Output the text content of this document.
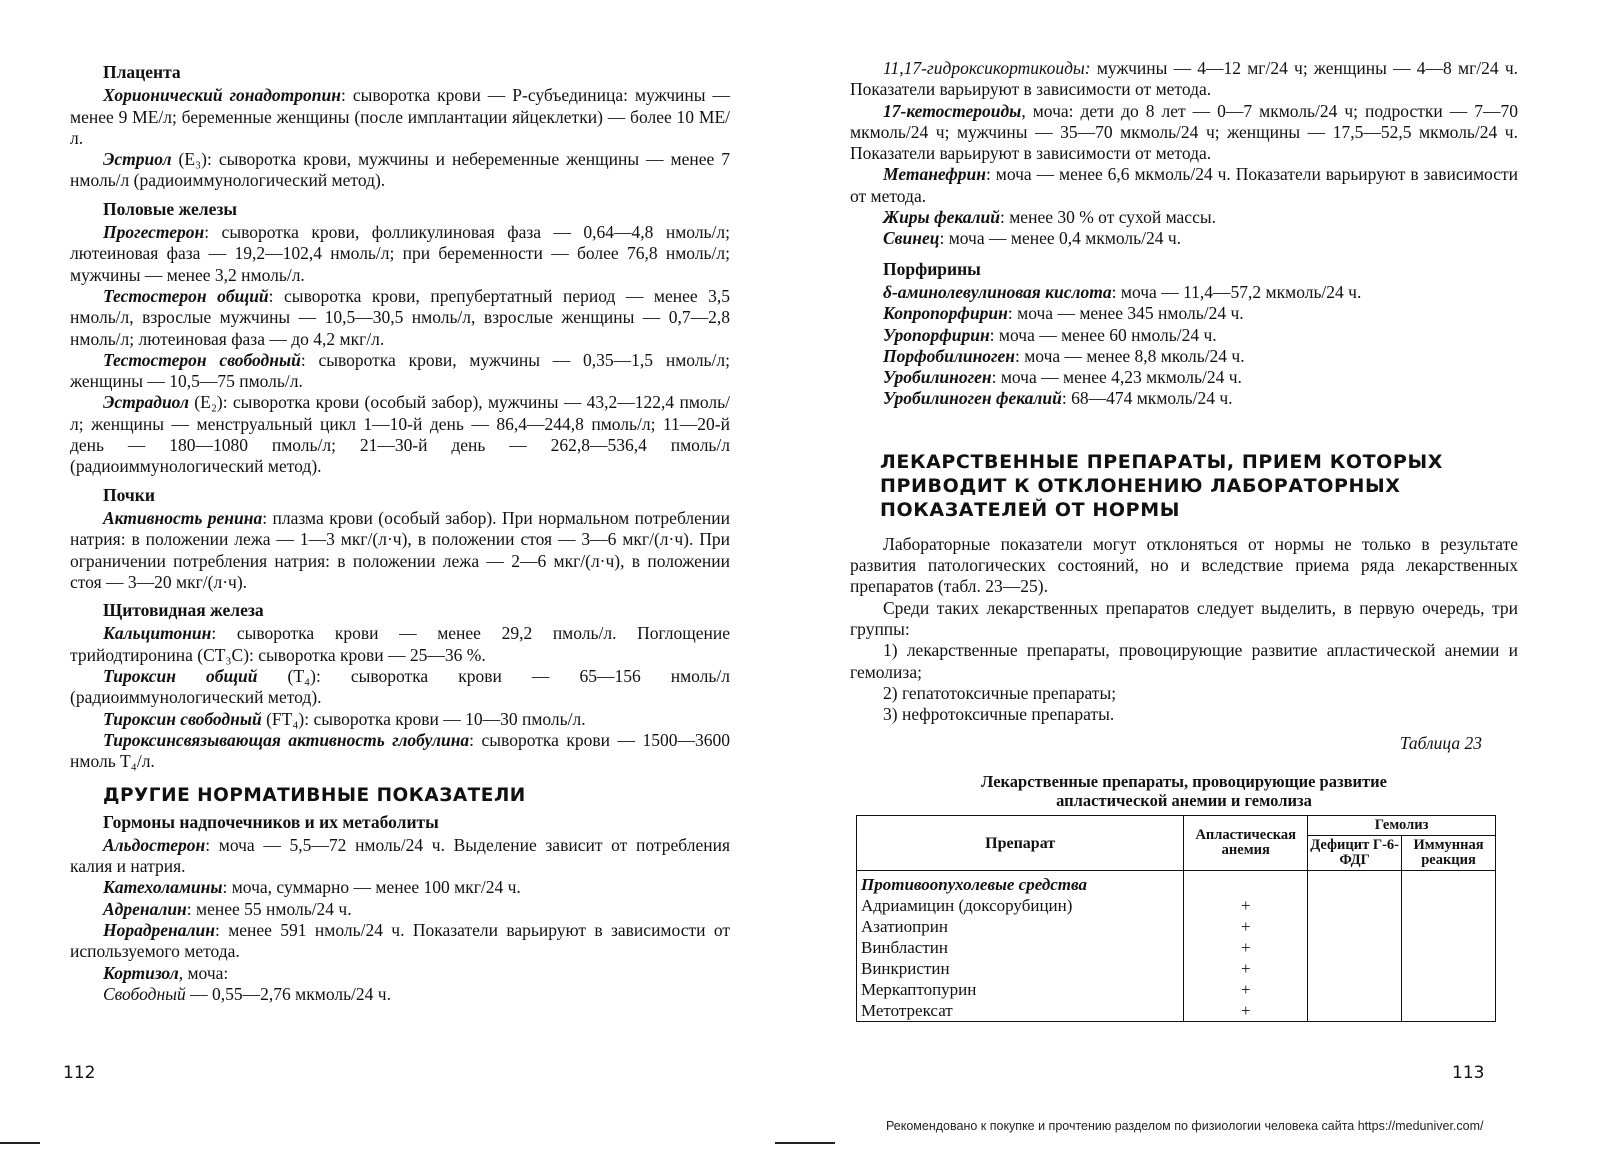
Плацента

Хорионический гонадотропин: сыворотка крови — Р-субъединица: мужчины — менее 9 МЕ/л; беременные женщины (после имплантации яйцеклетки) — более 10 МЕ/л.

Эстриол (Е₃): сыворотка крови, мужчины и небеременные женщины — менее 7 нмоль/л (радиоиммунологический метод).

Половые железы

Прогестерон: сыворотка крови, фолликулиновая фаза — 0,64—4,8 нмоль/л; лютеиновая фаза — 19,2—102,4 нмоль/л; при беременности — более 76,8 нмоль/л; мужчины — менее 3,2 нмоль/л.

Тестостерон общий: сыворотка крови, препубертатный период — менее 3,5 нмоль/л, взрослые мужчины — 10,5—30,5 нмоль/л, взрослые женщины — 0,7—2,8 нмоль/л; лютеиновая фаза — до 4,2 мкг/л.

Тестостерон свободный: сыворотка крови, мужчины — 0,35—1,5 нмоль/л; женщины — 10,5—75 пмоль/л.

Эстрадиол (Е₂): сыворотка крови (особый забор), мужчины — 43,2—122,4 пмоль/л; женщины — менструальный цикл 1—10-й день — 86,4—244,8 пмоль/л; 11—20-й день — 180—1080 пмоль/л; 21—30-й день — 262,8—536,4 пмоль/л (радиоиммунологический метод).

Почки

Активность ренина: плазма крови (особый забор). При нормальном потреблении натрия: в положении лежа — 1—3 мкг/(л·ч), в положении стоя — 3—6 мкг/(л·ч). При ограничении потребления натрия: в положении лежа — 2—6 мкг/(л·ч), в положении стоя — 3—20 мкг/(л·ч).

Щитовидная железа

Кальцитонин: сыворотка крови — менее 29,2 пмоль/л. Поглощение трийодтиронина (СТ₃С): сыворотка крови — 25—36 %.

Тироксин общий (Т₄): сыворотка крови — 65—156 нмоль/л (радиоиммунологический метод).

Тироксин свободный (FT₄): сыворотка крови — 10—30 пмоль/л.

Тироксинсвязывающая активность глобулина: сыворотка крови — 1500—3600 нмоль Т₄/л.

ДРУГИЕ НОРМАТИВНЫЕ ПОКАЗАТЕЛИ
Гормоны надпочечников и их метаболиты

Альдостерон: моча — 5,5—72 нмоль/24 ч. Выделение зависит от потребления калия и натрия.

Катехоламины: моча, суммарно — менее 100 мкг/24 ч.

Адреналин: менее 55 нмоль/24 ч.

Норадреналин: менее 591 нмоль/24 ч. Показатели варьируют в зависимости от используемого метода.

Кортизол, моча:

Свободный — 0,55—2,76 мкмоль/24 ч.

112

11,17-гидроксикортикоиды: мужчины — 4—12 мг/24 ч; женщины — 4—8 мг/24 ч. Показатели варьируют в зависимости от метода.

17-кетостероиды, моча: дети до 8 лет — 0—7 мкмоль/24 ч; подростки — 7—70 мкмоль/24 ч; мужчины — 35—70 мкмоль/24 ч; женщины — 17,5—52,5 мкмоль/24 ч. Показатели варьируют в зависимости от метода.

Метанефрин: моча — менее 6,6 мкмоль/24 ч. Показатели варьируют в зависимости от метода.

Жиры фекалий: менее 30 % от сухой массы.

Свинец: моча — менее 0,4 мкмоль/24 ч.

Порфирины

δ-аминолевулиновая кислота: моча — 11,4—57,2 мкмоль/24 ч.

Копропорфирин: моча — менее 345 нмоль/24 ч.

Уропорфирин: моча — менее 60 нмоль/24 ч.

Порфобилиноген: моча — менее 8,8 мколь/24 ч.

Уробилиноген: моча — менее 4,23 мкмоль/24 ч.

Уробилиноген фекалий: 68—474 мкмоль/24 ч.

ЛЕКАРСТВЕННЫЕ ПРЕПАРАТЫ, ПРИЕМ КОТОРЫХ
ПРИВОДИТ К ОТКЛОНЕНИЮ ЛАБОРАТОРНЫХ
ПОКАЗАТЕЛЕЙ ОТ НОРМЫ

Лабораторные показатели могут отклоняться от нормы не только в результате развития патологических состояний, но и вследствие приема ряда лекарственных препаратов (табл. 23—25).

Среди таких лекарственных препаратов следует выделить, в первую очередь, три группы:

1) лекарственные препараты, провоцирующие развитие апластической анемии и гемолиза;

2) гепатотоксичные препараты;

3) нефротоксичные препараты.

Таблица 23
Лекарственные препараты, провоцирующие развитие
апластической анемии и гемолиза
Препарат	Апластическая анемия	Гемолиз	
		Дефицит Г-6-ФДГ	Иммунная реакция
Противоопухолевые средства			
Адриамицин (доксорубицин)	+		
Азатиоприн	+		
Винбластин	+		
Винкристин	+		
Меркаптопурин	+		
Метотрексат	+		
113
Рекомендовано к покупке и прочтению разделом по физиологии человека сайта https://meduniver.com/
